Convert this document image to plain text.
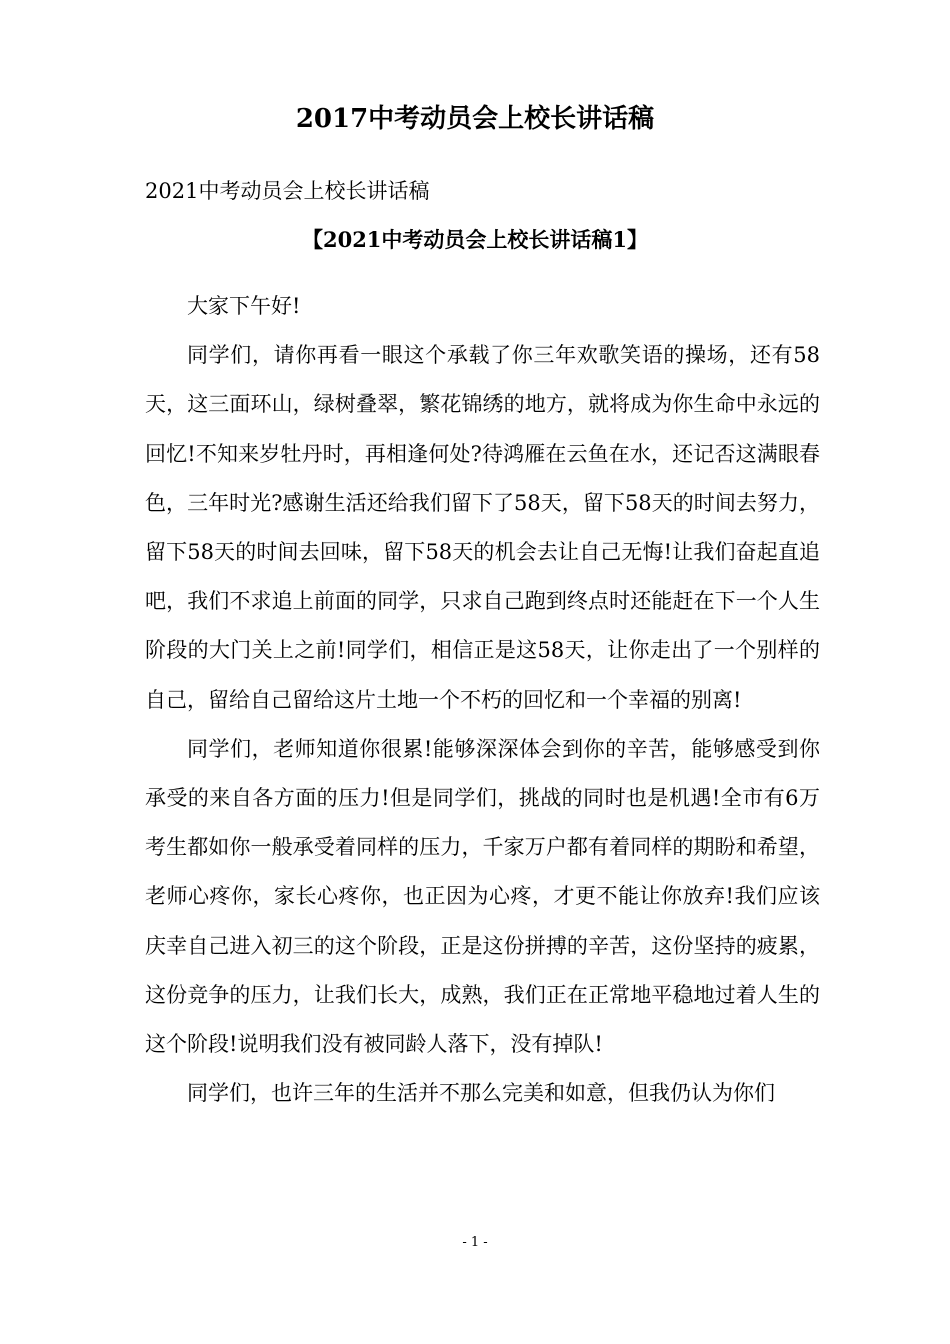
2017中考动员会上校长讲话稿

2021中考动员会上校长讲话稿

【2021中考动员会上校长讲话稿1】

大家下午好!

同学们，请你再看一眼这个承载了你三年欢歌笑语的操场，还有58天，这三面环山，绿树叠翠，繁花锦绣的地方，就将成为你生命中永远的回忆!不知来岁牡丹时，再相逢何处?待鸿雁在云鱼在水，还记否这满眼春色，三年时光?感谢生活还给我们留下了58天，留下58天的时间去努力，留下58天的时间去回味，留下58天的机会去让自己无悔!让我们奋起直追吧，我们不求追上前面的同学，只求自己跑到终点时还能赶在下一个人生阶段的大门关上之前!同学们，相信正是这58天，让你走出了一个别样的自己，留给自己留给这片土地一个不朽的回忆和一个幸福的别离!

同学们，老师知道你很累!能够深深体会到你的辛苦，能够感受到你承受的来自各方面的压力!但是同学们，挑战的同时也是机遇!全市有6万考生都如你一般承受着同样的压力，千家万户都有着同样的期盼和希望，老师心疼你，家长心疼你，也正因为心疼，才更不能让你放弃!我们应该庆幸自己进入初三的这个阶段，正是这份拼搏的辛苦，这份坚持的疲累，这份竞争的压力，让我们长大，成熟，我们正在正常地平稳地过着人生的这个阶段!说明我们没有被同龄人落下，没有掉队!

同学们，也许三年的生活并不那么完美和如意，但我仍认为你们

- 1 -
